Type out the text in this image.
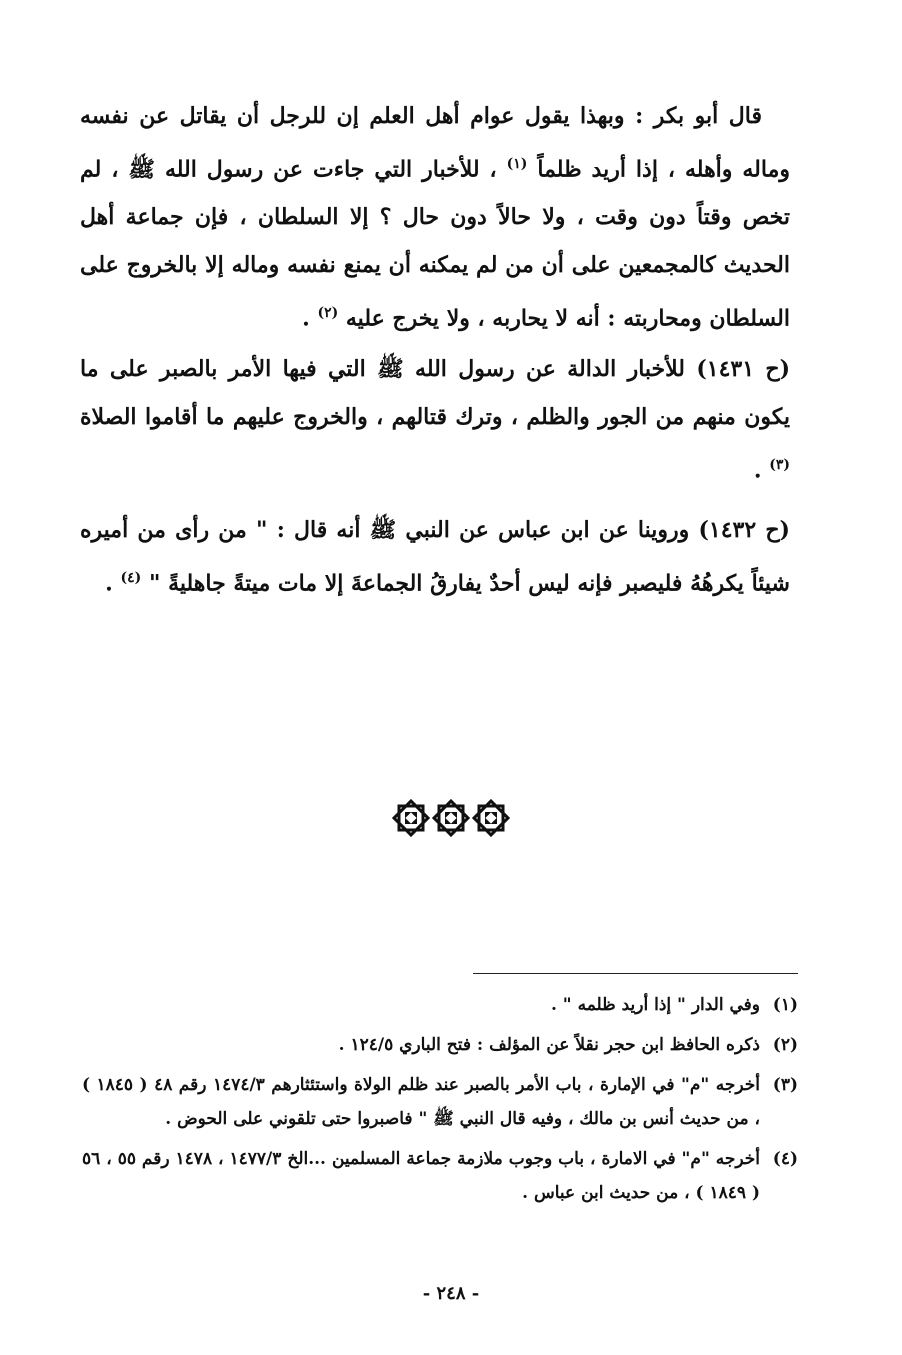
قال أبو بكر : وبهذا يقول عوام أهل العلم إن للرجل أن يقاتل عن نفسه وماله وأهله ، إذا أريد ظلماً $^{(١)}$ ، للأخبار التي جاءت عن رسول الله ﷺ ، لم تخص وقتاً دون وقت ، ولا حالاً دون حال ؟ إلا السلطان ، فإن جماعة أهل الحديث كالمجمعين على أن من لم يمكنه أن يمنع نفسه وماله إلا بالخروج على السلطان ومحاربته : أنه لا يحاربه ، ولا يخرج عليه $^{(٢)}$ .

(ح ١٤٣١) للأخبار الدالة عن رسول الله ﷺ التي فيها الأمر بالصبر على ما يكون منهم من الجور والظلم ، وترك قتالهم ، والخروج عليهم ما أقاموا الصلاة $^{(٣)}$ .

(ح ١٤٣٢) وروينا عن ابن عباس عن النبي ﷺ أنه قال : " من رأى من أميره شيئاً يكرهُهُ فليصبر فإنه ليس أحدٌ يفارقُ الجماعةَ إلا مات ميتةً جاهليةً " $^{(٤)}$ .

(١)
وفي الدار " إذا أريد ظلمه " .
(٢)
ذكره الحافظ ابن حجر نقلاً عن المؤلف : فتح الباري ١٢٤/٥ .
(٣)
أخرجه "م" في الإمارة ، باب الأمر بالصبر عند ظلم الولاة واستئثارهم ١٤٧٤/٣ رقم ٤٨ ( ١٨٤٥ ) ، من حديث أنس بن مالك ، وفيه قال النبي ﷺ " فاصبروا حتى تلقوني على الحوض .
(٤)
أخرجه "م" في الامارة ، باب وجوب ملازمة جماعة المسلمين ...الخ ١٤٧٧/٣ ، ١٤٧٨ رقم ٥٥ ، ٥٦ ( ١٨٤٩ ) ، من حديث ابن عباس .
- ٢٤٨ -
